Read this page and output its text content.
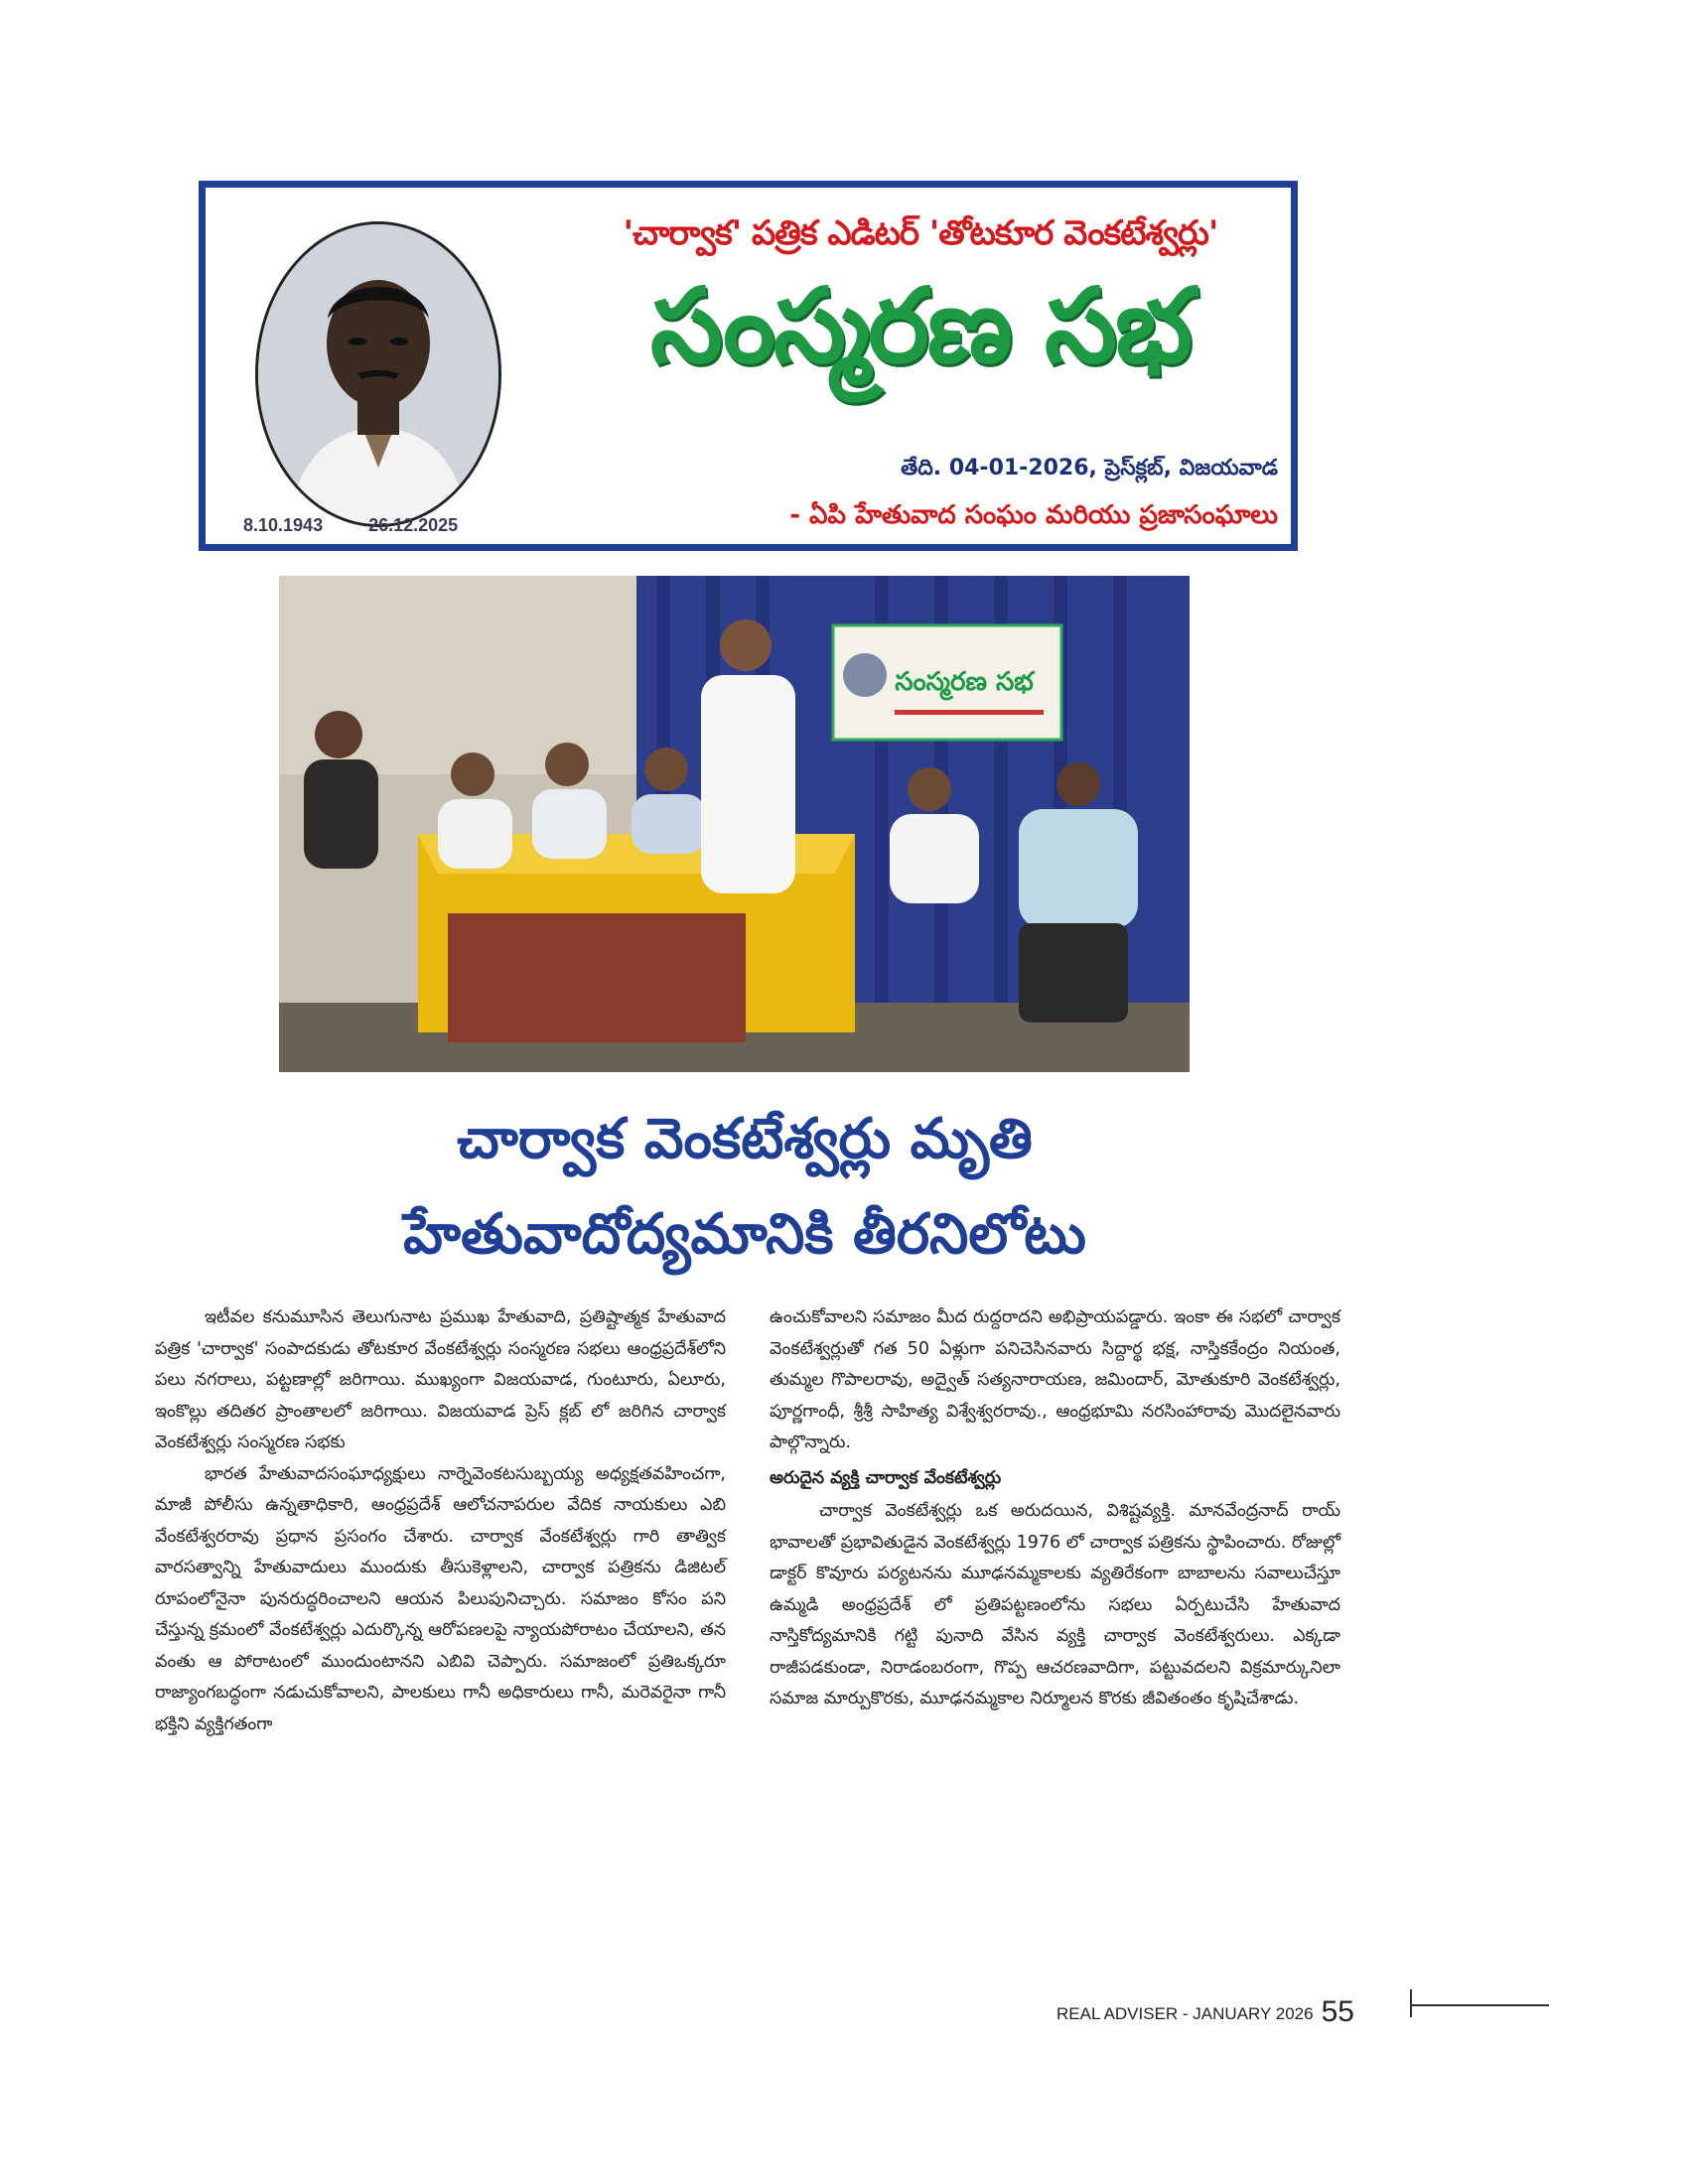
8.10.1943	26.12.2025
'చార్వాక' పత్రిక ఎడిటర్ 'తోటకూర వెంకటేశ్వర్లు'
సంస్మరణ సభ
తేది. 04-01-2026, ప్రెస్‌క్లబ్, విజయవాడ
- ఏపి హేతువాద సంఘం మరియు ప్రజాసంఘాలు
సంస్మరణ సభ
చార్వాక వెంకటేశ్వర్లు మృతి
హేతువాదోద్యమానికి తీరనిలోటు

ఇటీవల కనుమూసిన తెలుగునాట ప్రముఖ హేతువాది, ప్రతిష్టాత్మక హేతువాద పత్రిక 'చార్వాక' సంపాదకుడు తోటకూర వేంకటేశ్వర్లు సంస్మరణ సభలు ఆంధ్రప్రదేశ్‌లోని పలు నగరాలు, పట్టణాల్లో జరిగాయి. ముఖ్యంగా విజయవాడ, గుంటూరు, ఏలూరు, ఇంకొల్లు తదితర ప్రాంతాలలో జరిగాయి. విజయవాడ ప్రెస్ క్లబ్ లో జరిగిన చార్వాక వెంకటేశ్వర్లు సంస్మరణ సభకు

భారత హేతువాదసంఘాధ్యక్షులు నార్నెవెంకటసుబ్బయ్య అధ్యక్షతవహించగా, మాజీ పోలీసు ఉన్నతాధికారి, ఆంధ్రప్రదేశ్ ఆలోచనాపరుల వేదిక నాయకులు ఎబి వేంకటేశ్వరరావు ప్రధాన ప్రసంగం చేశారు. చార్వాక వేంకటేశ్వర్లు గారి తాత్విక వారసత్వాన్ని హేతువాదులు ముందుకు తీసుకెళ్లాలని, చార్వాక పత్రికను డిజిటల్ రూపంలోనైనా పునరుద్ధరించాలని ఆయన పిలుపునిచ్చారు. సమాజం కోసం పని చేస్తున్న క్రమంలో వేంకటేశ్వర్లు ఎదుర్కొన్న ఆరోపణలపై న్యాయపోరాటం చేయాలని, తన వంతు ఆ పోరాటంలో ముందుంటానని ఎబివి చెప్పారు. సమాజంలో ప్రతిఒక్కరూ రాజ్యాంగబద్ధంగా నడుచుకోవాలని, పాలకులు గానీ అధికారులు గానీ, మరెవరైనా గానీ భక్తిని వ్యక్తిగతంగా

ఉంచుకోవాలని సమాజం మీద రుద్దరాదని అభిప్రాయపడ్డారు. ఇంకా ఈ సభలో చార్వాక వెంకటేశ్వర్లుతో గత 50 ఏళ్లుగా పనిచెసినవారు సిద్దార్థ భక్ష, నాస్తికకేంద్రం నియంత, తుమ్మల గొపాలరావు, అద్వైత్ సత్యనారాయణ, జమిందార్, మోతుకూరి వెంకటేశ్వర్లు, పూర్ణగాంధీ, శ్రీశ్రీ సాహిత్య విశ్వేశ్వరరావు., ఆంధ్రభూమి నరసింహారావు మొదలైనవారు పాల్గొన్నారు.

అరుదైన వ్యక్తి చార్వాక వేంకటేశ్వర్లు

చార్వాక వెంకటేశ్వర్లు ఒక అరుదయిన, విశిష్టవ్యక్తి. మానవేంద్రనాద్ రాయ్ భావాలతో ప్రభావితుడైన వెంకటేశ్వర్లు 1976 లో చార్వాక పత్రికను స్థాపించారు. రోజుల్లో డాక్టర్ కొవూరు పర్యటనను మూఢనమ్మకాలకు వ్యతిరేకంగా బాబాలను సవాలుచేస్తూ ఉమ్మడి అంధ్రప్రదేశ్ లో ప్రతిపట్టణంలోను సభలు ఏర్పటుచేసి హేతువాద నాస్తికోద్యమానికి గట్టి పునాది వేసిన వ్యక్తి చార్వాక వెంకటేశ్వరులు. ఎక్కడా రాజీపడకుండా, నిరాడంబరంగా, గొప్ప ఆచరణవాదిగా, పట్టువదలని విక్రమార్కునిలా సమాజ మార్పుకొరకు, మూఢనమ్మకాల నిర్మూలన కొరకు జీవితంతం కృషిచేశాడు.

REAL ADVISER - JANUARY 2026 55
